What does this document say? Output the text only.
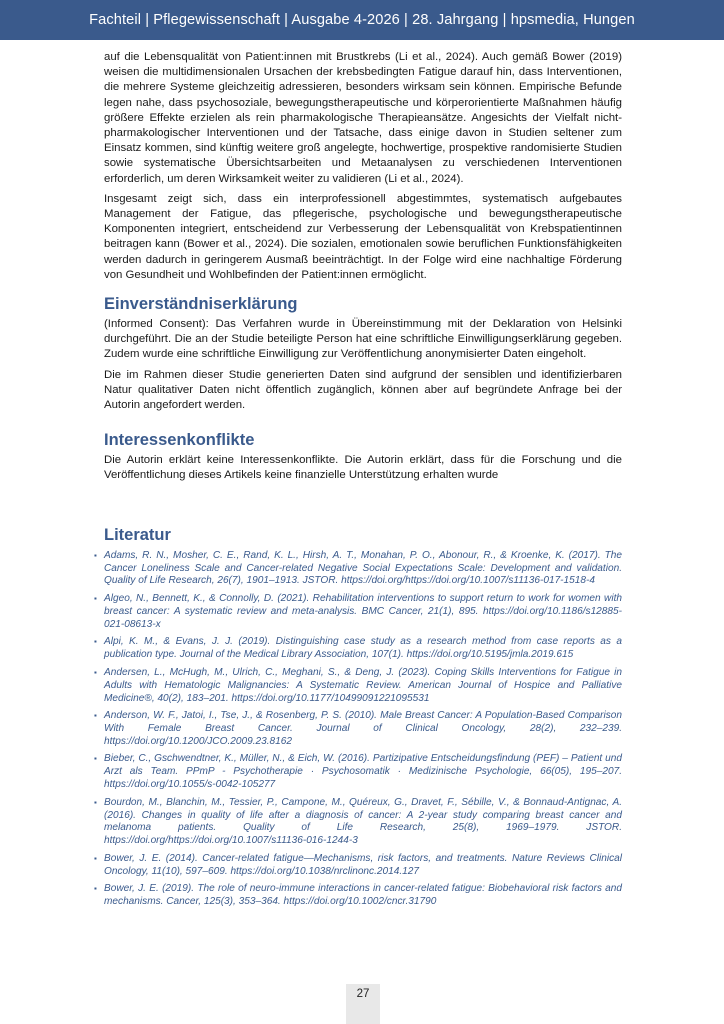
Fachteil | Pflegewissenschaft | Ausgabe 4-2026 | 28. Jahrgang | hpsmedia, Hungen

auf die Lebensqualität von Patient:innen mit Brustkrebs (Li et al., 2024). Auch gemäß Bower (2019) weisen die multidimensionalen Ursachen der krebsbedingten Fatigue darauf hin, dass Interventionen, die mehrere Systeme gleichzeitig adressieren, besonders wirksam sein können. Empirische Befunde legen nahe, dass psychosoziale, bewegungstherapeutische und körperorientierte Maßnahmen häufig größere Effekte erzielen als rein pharmakologische Therapieansätze. Angesichts der Vielfalt nicht-pharmakologischer Interventionen und der Tatsache, dass einige davon in Studien seltener zum Einsatz kommen, sind künftig weitere groß angelegte, hochwertige, prospektive randomisierte Studien sowie systematische Übersichtsarbeiten und Metaanalysen zu verschiedenen Interventionen erforderlich, um deren Wirksamkeit weiter zu validieren (Li et al., 2024).

Insgesamt zeigt sich, dass ein interprofessionell abgestimmtes, systematisch aufgebautes Management der Fatigue, das pflegerische, psychologische und bewegungstherapeutische Komponenten integriert, entscheidend zur Verbesserung der Lebensqualität von Krebspatientinnen beitragen kann (Bower et al., 2024). Die sozialen, emotionalen sowie beruflichen Funktionsfähigkeiten werden dadurch in geringerem Ausmaß beeinträchtigt. In der Folge wird eine nachhaltige Förderung von Gesundheit und Wohlbefinden der Patient:innen ermöglicht.

Einverständniserklärung

(Informed Consent): Das Verfahren wurde in Übereinstimmung mit der Deklaration von Helsinki durchgeführt. Die an der Studie beteiligte Person hat eine schriftliche Einwilligungserklärung gegeben. Zudem wurde eine schriftliche Einwilligung zur Veröffentlichung anonymisierter Daten eingeholt.

Die im Rahmen dieser Studie generierten Daten sind aufgrund der sensiblen und identifizierbaren Natur qualitativer Daten nicht öffentlich zugänglich, können aber auf begründete Anfrage bei der Autorin angefordert werden.

Interessenkonflikte

Die Autorin erklärt keine Interessenkonflikte. Die Autorin erklärt, dass für die Forschung und die Veröffentlichung dieses Artikels keine finanzielle Unterstützung erhalten wurde

Literatur
▪ Adams, R. N., Mosher, C. E., Rand, K. L., Hirsh, A. T., Monahan, P. O., Abonour, R., & Kroenke, K. (2017). The Cancer Loneliness Scale and Cancer-related Negative Social Expectations Scale: Development and validation. Quality of Life Research, 26(7), 1901–1913. JSTOR. https://doi.org/https://doi.org/10.1007/s11136-017-1518-4
▪ Algeo, N., Bennett, K., & Connolly, D. (2021). Rehabilitation interventions to support return to work for women with breast cancer: A systematic review and meta-analysis. BMC Cancer, 21(1), 895. https://doi.org/10.1186/s12885-021-08613-x
▪ Alpi, K. M., & Evans, J. J. (2019). Distinguishing case study as a research method from case reports as a publication type. Journal of the Medical Library Association, 107(1). https://doi.org/10.5195/jmla.2019.615
▪ Andersen, L., McHugh, M., Ulrich, C., Meghani, S., & Deng, J. (2023). Coping Skills Interventions for Fatigue in Adults with Hematologic Malignancies: A Systematic Review. American Journal of Hospice and Palliative Medicine®, 40(2), 183–201. https://doi.org/10.1177/10499091221095531
▪ Anderson, W. F., Jatoi, I., Tse, J., & Rosenberg, P. S. (2010). Male Breast Cancer: A Population-Based Comparison With Female Breast Cancer. Journal of Clinical Oncology, 28(2), 232–239. https://doi.org/10.1200/JCO.2009.23.8162
▪ Bieber, C., Gschwendtner, K., Müller, N., & Eich, W. (2016). Partizipative Entscheidungsfindung (PEF) – Patient und Arzt als Team. PPmP - Psychotherapie · Psychosomatik · Medizinische Psychologie, 66(05), 195–207. https://doi.org/10.1055/s-0042-105277
▪ Bourdon, M., Blanchin, M., Tessier, P., Campone, M., Quéreux, G., Dravet, F., Sébille, V., & Bonnaud-Antignac, A. (2016). Changes in quality of life after a diagnosis of cancer: A 2-year study comparing breast cancer and melanoma patients. Quality of Life Research, 25(8), 1969–1979. JSTOR. https://doi.org/https://doi.org/10.1007/s11136-016-1244-3
▪ Bower, J. E. (2014). Cancer-related fatigue—Mechanisms, risk factors, and treatments. Nature Reviews Clinical Oncology, 11(10), 597–609. https://doi.org/10.1038/nrclinonc.2014.127
▪ Bower, J. E. (2019). The role of neuro-immune interactions in cancer-related fatigue: Biobehavioral risk factors and mechanisms. Cancer, 125(3), 353–364. https://doi.org/10.1002/cncr.31790
27
